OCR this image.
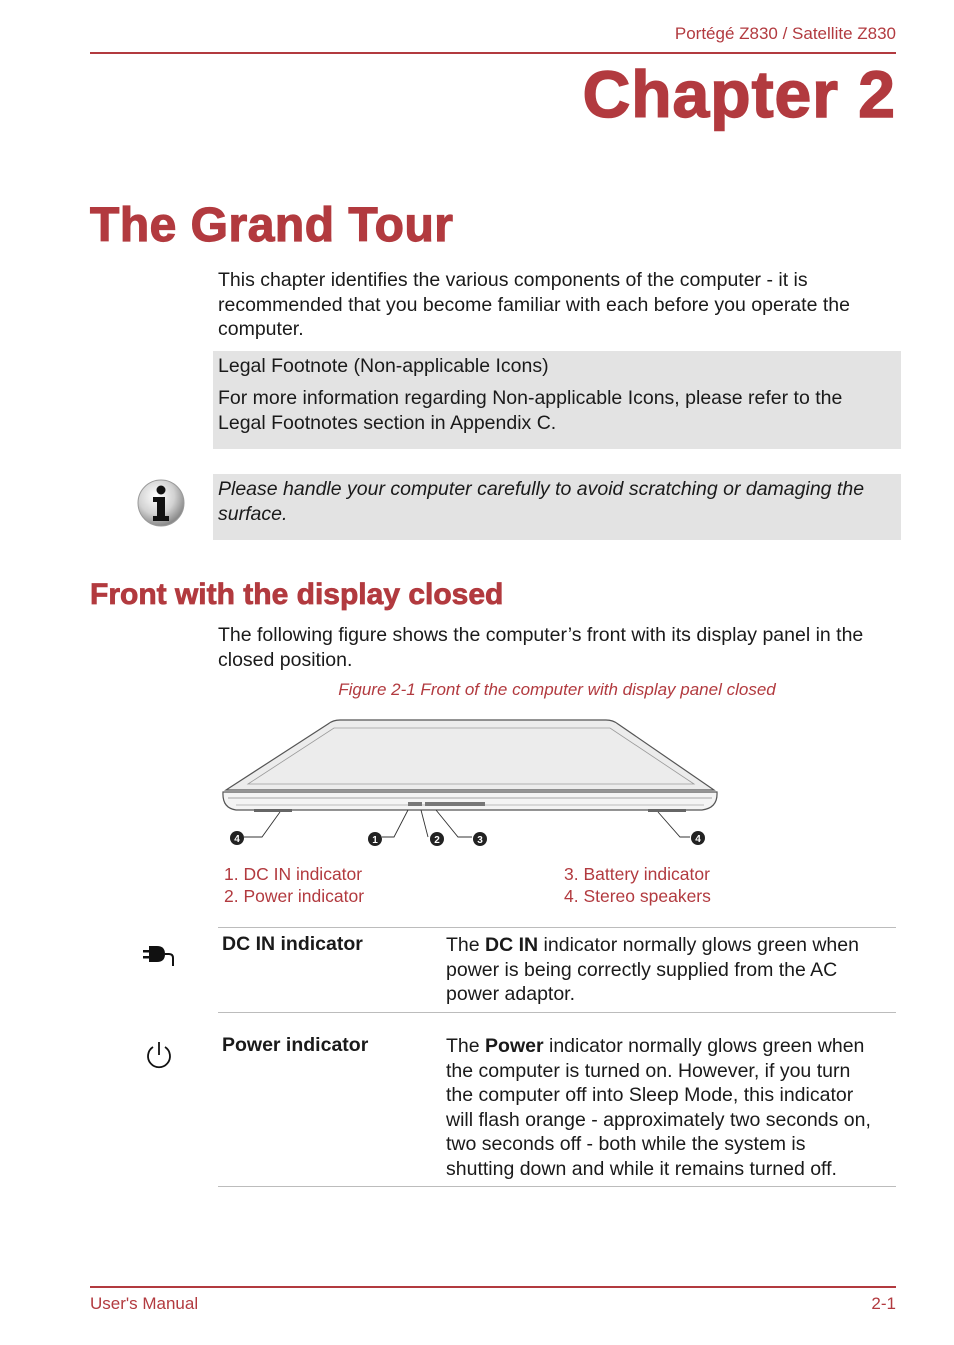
Portégé Z830 / Satellite Z830
Chapter 2
The Grand Tour
This chapter identifies the various components of the computer - it is
recommended that you become familiar with each before you operate the
computer.
Legal Footnote (Non-applicable Icons)
For more information regarding Non-applicable Icons, please refer to the
Legal Footnotes section in Appendix C.
Please handle your computer carefully to avoid scratching or damaging the
surface.
Front with the display closed
The following figure shows the computer’s front with its display panel in the
closed position.
Figure 2-1 Front of the computer with display panel closed
4	1	2	3	4
1. DC IN indicator
2. Power indicator
3. Battery indicator
4. Stereo speakers
DC IN indicator	The DC IN indicator normally glows green when
power is being correctly supplied from the AC
power adaptor.
Power indicator	The Power indicator normally glows green when
the computer is turned on. However, if you turn
the computer off into Sleep Mode, this indicator
will flash orange - approximately two seconds on,
two seconds off - both while the system is
shutting down and while it remains turned off.
User's Manual	2-1
